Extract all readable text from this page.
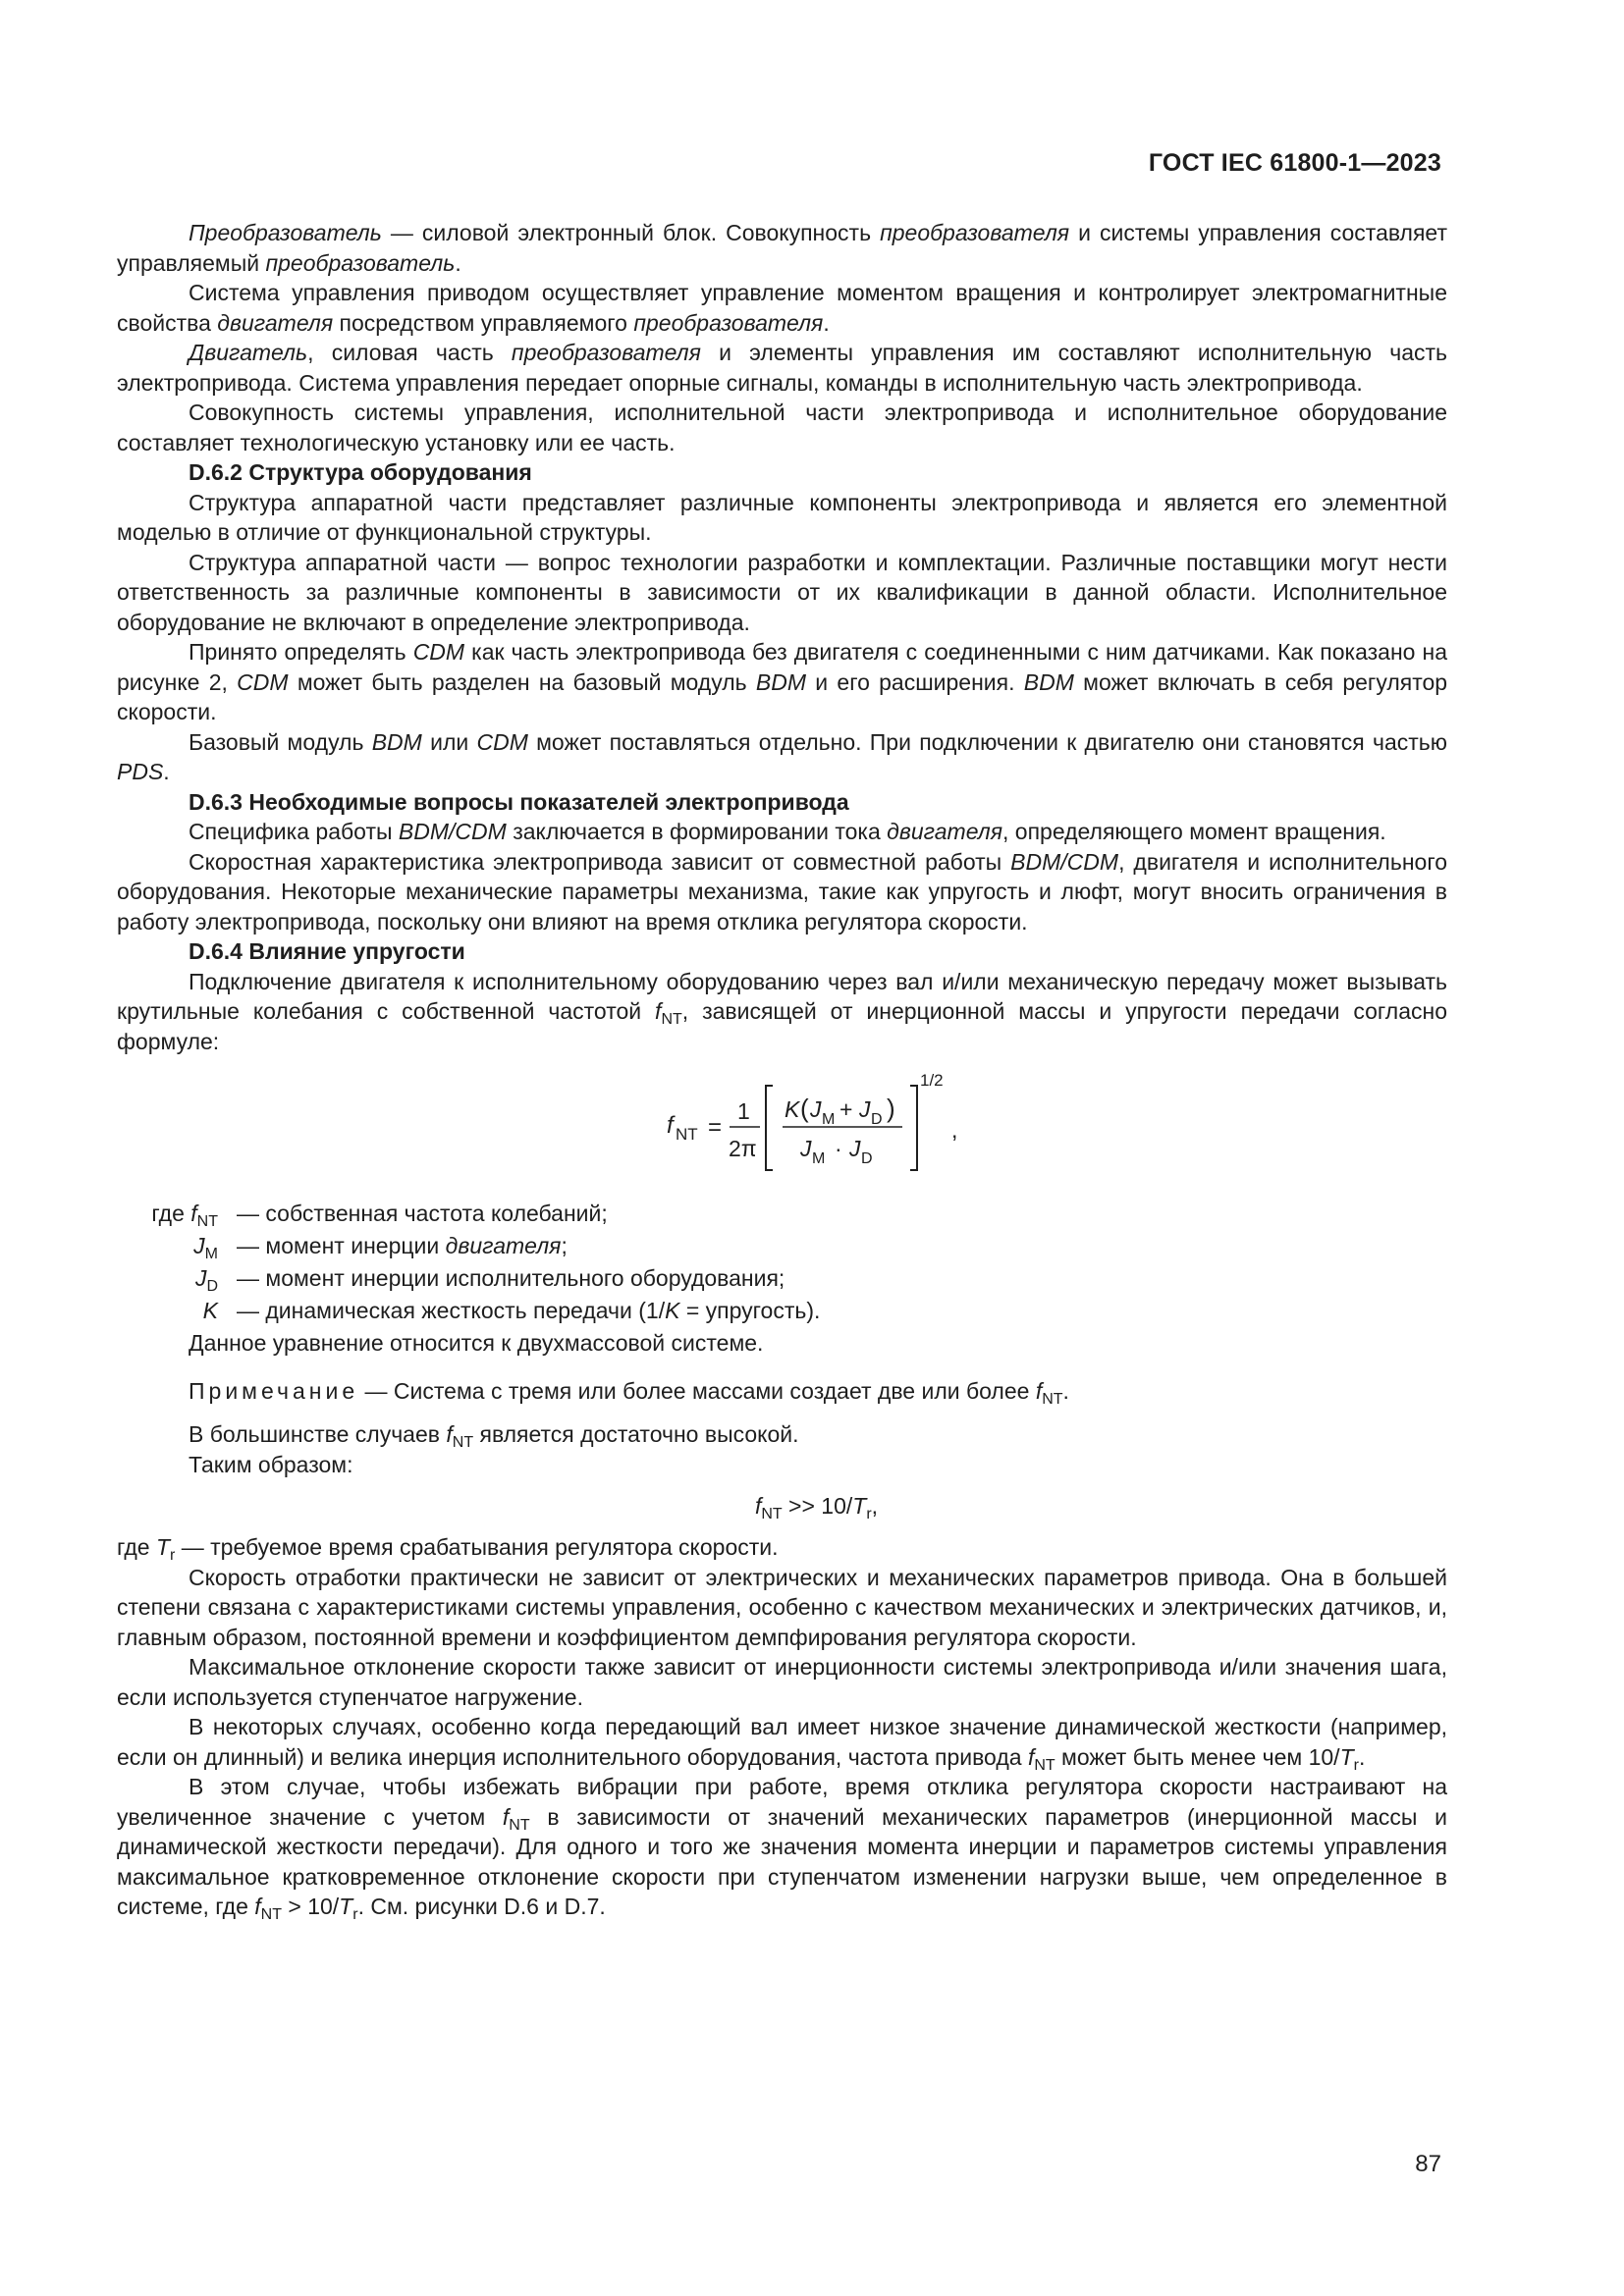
ГОСТ IEC 61800-1—2023

Преобразователь — силовой электронный блок. Совокупность преобразователя и системы управления составляет управляемый преобразователь.

Система управления приводом осуществляет управление моментом вращения и контролирует электромагнитные свойства двигателя посредством управляемого преобразователя.

Двигатель, силовая часть преобразователя и элементы управления им составляют исполнительную часть электропривода. Система управления передает опорные сигналы, команды в исполнительную часть электропривода.

Совокупность системы управления, исполнительной части электропривода и исполнительное оборудование составляет технологическую установку или ее часть.

D.6.2 Структура оборудования

Структура аппаратной части представляет различные компоненты электропривода и является его элементной моделью в отличие от функциональной структуры.

Структура аппаратной части — вопрос технологии разработки и комплектации. Различные поставщики могут нести ответственность за различные компоненты в зависимости от их квалификации в данной области. Исполнительное оборудование не включают в определение электропривода.

Принято определять CDM как часть электропривода без двигателя с соединенными с ним датчиками. Как показано на рисунке 2, CDM может быть разделен на базовый модуль BDM и его расширения. BDM может включать в себя регулятор скорости.

Базовый модуль BDM или CDM может поставляться отдельно. При подключении к двигателю они становятся частью PDS.

D.6.3 Необходимые вопросы показателей электропривода

Специфика работы BDM/CDM заключается в формировании тока двигателя, определяющего момент вращения.

Скоростная характеристика электропривода зависит от совместной работы BDM/CDM, двигателя и исполнительного оборудования. Некоторые механические параметры механизма, такие как упругость и люфт, могут вносить ограничения в работу электропривода, поскольку они влияют на время отклика регулятора скорости.

D.6.4 Влияние упругости

Подключение двигателя к исполнительному оборудованию через вал и/или механическую передачу может вызывать крутильные колебания с собственной частотой $f_{NT}$, зависящей от инерционной массы и упругости передачи согласно формуле:

f NT =
1
2π
K ( J M + J D )
J M · J D
1/2
,
где $f_{NT}$ — собственная частота колебаний;
$J_M$ — момент инерции двигателя;
$J_D$ — момент инерции исполнительного оборудования;
K — динамическая жесткость передачи (1/K = упругость).

Данное уравнение относится к двухмассовой системе.

Примечание — Система с тремя или более массами создает две или более $f_{NT}$.

В большинстве случаев $f_{NT}$ является достаточно высокой.

Таким образом:

$f_{NT} >> 10/T_r$,

где $T_r$ — требуемое время срабатывания регулятора скорости.

Скорость отработки практически не зависит от электрических и механических параметров привода. Она в большей степени связана с характеристиками системы управления, особенно с качеством механических и электрических датчиков, и, главным образом, постоянной времени и коэффициентом демпфирования регулятора скорости.

Максимальное отклонение скорости также зависит от инерционности системы электропривода и/или значения шага, если используется ступенчатое нагружение.

В некоторых случаях, особенно когда передающий вал имеет низкое значение динамической жесткости (например, если он длинный) и велика инерция исполнительного оборудования, частота привода $f_{NT}$ может быть менее чем $10/T_r$.

В этом случае, чтобы избежать вибрации при работе, время отклика регулятора скорости настраивают на увеличенное значение с учетом $f_{NT}$ в зависимости от значений механических параметров (инерционной массы и динамической жесткости передачи). Для одного и того же значения момента инерции и параметров системы управления максимальное кратковременное отклонение скорости при ступенчатом изменении нагрузки выше, чем определенное в системе, где $f_{NT} > 10/T_r$. См. рисунки D.6 и D.7.

87
